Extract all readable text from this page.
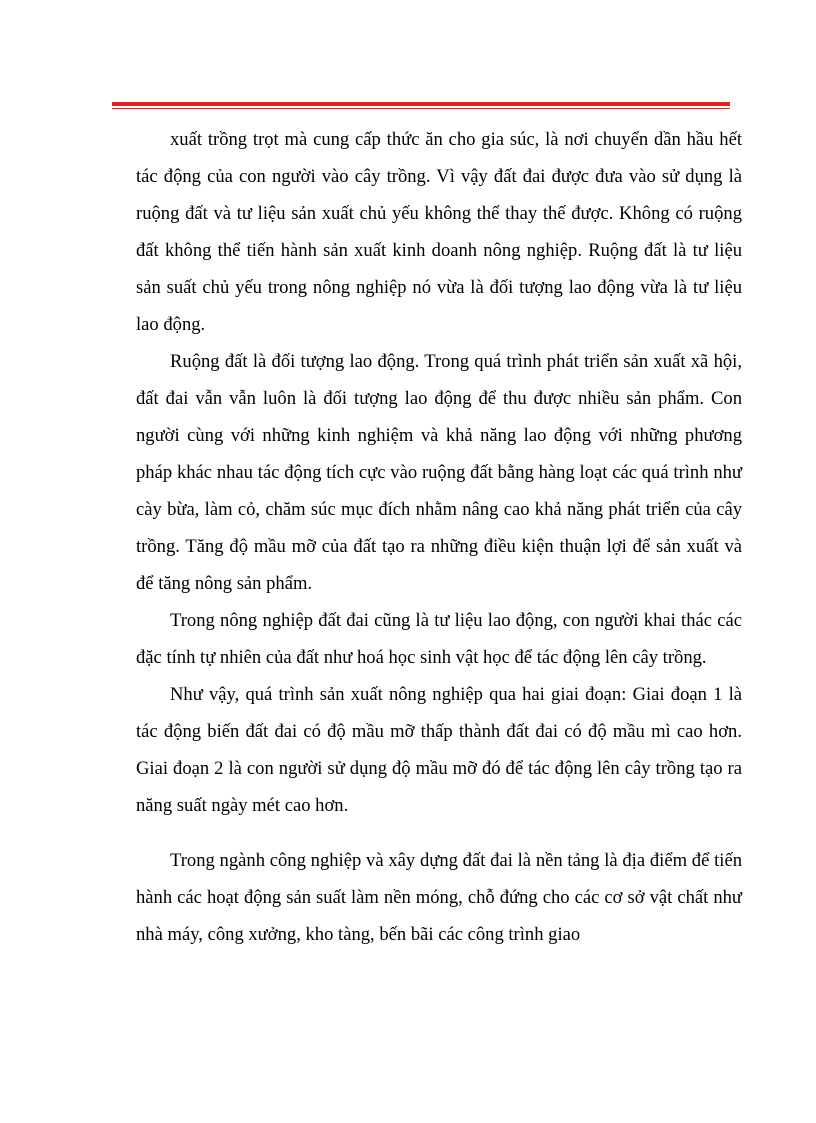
xuất trồng trọt mà cung cấp thức ăn cho gia súc, là nơi chuyển dần hầu hết tác động của con người vào cây trồng. Vì vậy đất đai được đưa vào sử dụng là ruộng đất và tư liệu sản xuất chủ yếu không thể thay thế được. Không có ruộng đất không thể tiến hành sản xuất kinh doanh nông nghiệp. Ruộng đất là tư liệu sản suất chủ yếu trong nông nghiệp nó vừa là đối tượng lao động vừa là tư liệu lao động.

Ruộng đất là đối tượng lao động. Trong quá trình phát triển sản xuất xã hội, đất đai vẫn vẫn luôn là đối tượng lao động để thu được nhiều sản phẩm. Con người cùng với những kinh nghiệm và khả năng lao động với những phương pháp khác nhau tác động tích cực vào ruộng đất bằng hàng loạt các quá trình như cày bừa, làm cỏ, chăm súc mục đích nhằm nâng cao khả năng phát triển của cây trồng. Tăng độ mầu mỡ của đất tạo ra những điều kiện thuận lợi để sản xuất và để tăng nông sản phẩm.

Trong nông nghiệp đất đai cũng là tư liệu lao động, con người khai thác các đặc tính tự nhiên của đất như hoá học sinh vật học để tác động lên cây trồng.

Như vậy, quá trình sản xuất nông nghiệp qua hai giai đoạn: Giai đoạn 1 là tác động biến đất đai có độ mầu mỡ thấp thành đất đai có độ mầu mì cao hơn. Giai đoạn 2 là con người sử dụng độ mầu mỡ đó để tác động lên cây trồng tạo ra năng suất ngày mét cao hơn.

Trong ngành công nghiệp và xây dựng đất đai là nền tảng là địa điểm để tiến hành các hoạt động sản suất làm nền móng, chỗ đứng cho các cơ sở vật chất như nhà máy, công xưởng, kho tàng, bến bãi các công trình giao
